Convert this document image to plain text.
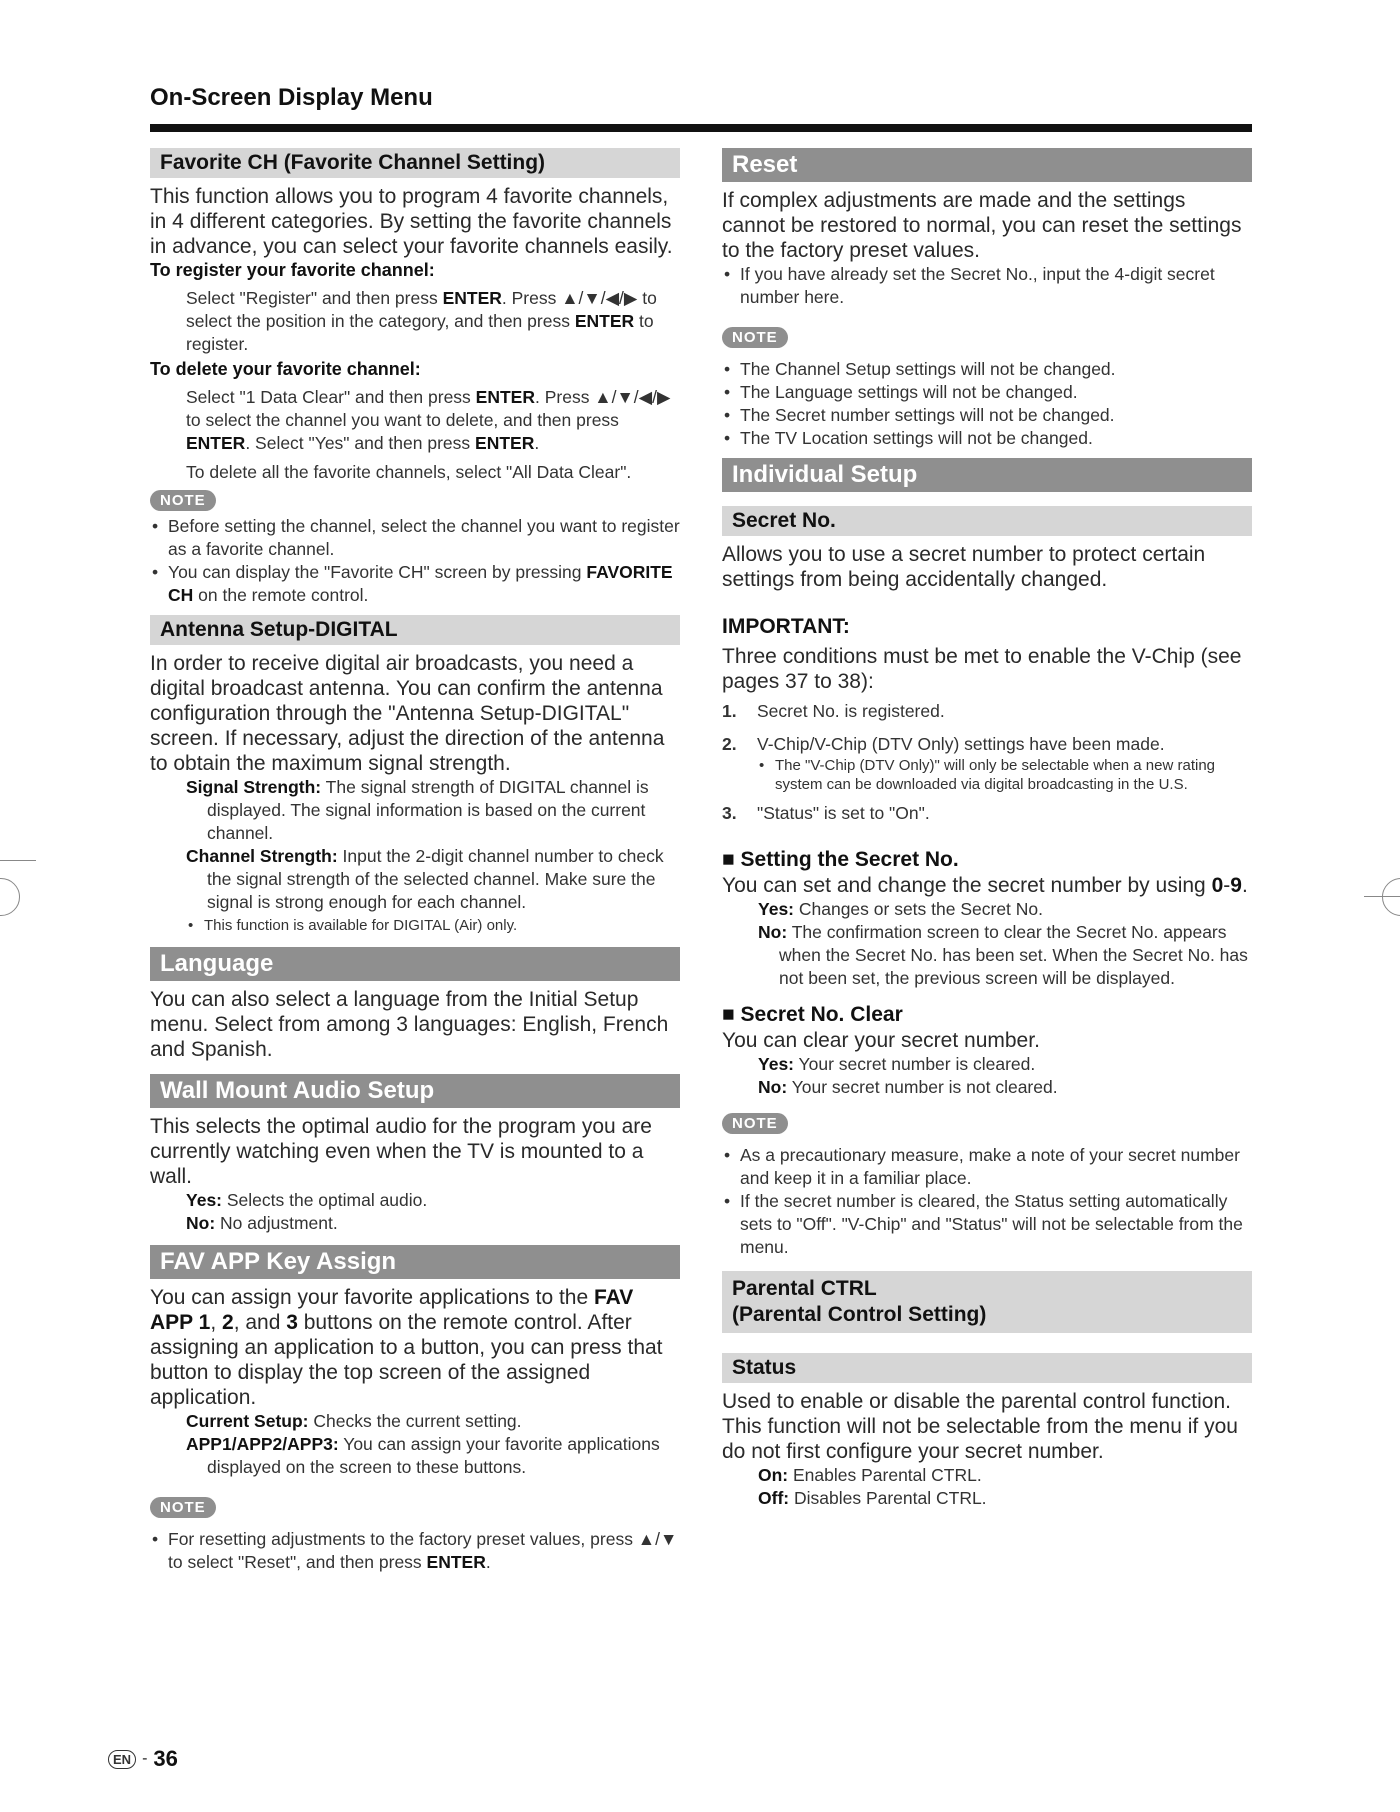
On-Screen Display Menu
Favorite CH (Favorite Channel Setting)

This function allows you to program 4 favorite channels, in 4 different categories. By setting the favorite channels in advance, you can select your favorite channels easily.

To register your favorite channel:

Select "Register" and then press ENTER. Press ▲/▼/◀/▶ to select the position in the category, and then press ENTER to register.

To delete your favorite channel:

Select "1 Data Clear" and then press ENTER. Press ▲/▼/◀/▶ to select the channel you want to delete, and then press ENTER. Select "Yes" and then press ENTER.

To delete all the favorite channels, select "All Data Clear".

NOTE
• Before setting the channel, select the channel you want to register as a favorite channel.
• You can display the "Favorite CH" screen by pressing FAVORITE CH on the remote control.
Antenna Setup-DIGITAL

In order to receive digital air broadcasts, you need a digital broadcast antenna. You can confirm the antenna configuration through the "Antenna Setup-DIGITAL" screen. If necessary, adjust the direction of the antenna to obtain the maximum signal strength.

Signal Strength: The signal strength of DIGITAL channel is displayed. The signal information is based on the current channel.

Channel Strength: Input the 2-digit channel number to check the signal strength of the selected channel. Make sure the signal is strong enough for each channel.

• This function is available for DIGITAL (Air) only.
Language

You can also select a language from the Initial Setup menu. Select from among 3 languages: English, French and Spanish.

Wall Mount Audio Setup

This selects the optimal audio for the program you are currently watching even when the TV is mounted to a wall.

Yes: Selects the optimal audio.

No: No adjustment.

FAV APP Key Assign

You can assign your favorite applications to the FAV APP 1, 2, and 3 buttons on the remote control. After assigning an application to a button, you can press that button to display the top screen of the assigned application.

Current Setup: Checks the current setting.

APP1/APP2/APP3: You can assign your favorite applications displayed on the screen to these buttons.

NOTE
• For resetting adjustments to the factory preset values, press ▲/▼ to select "Reset", and then press ENTER.
Reset

If complex adjustments are made and the settings cannot be restored to normal, you can reset the settings to the factory preset values.

• If you have already set the Secret No., input the 4-digit secret number here.
NOTE
• The Channel Setup settings will not be changed.
• The Language settings will not be changed.
• The Secret number settings will not be changed.
• The TV Location settings will not be changed.
Individual Setup
Secret No.

Allows you to use a secret number to protect certain settings from being accidentally changed.

IMPORTANT:

Three conditions must be met to enable the V-Chip (see pages 37 to 38):

1.	Secret No. is registered.
2.	V-Chip/V-Chip (DTV Only) settings have been made.
• The "V-Chip (DTV Only)" will only be selectable when a new rating system can be downloaded via digital broadcasting in the U.S.
3.	"Status" is set to "On".

■ Setting the Secret No.

You can set and change the secret number by using 0-9.

Yes: Changes or sets the Secret No.

No: The confirmation screen to clear the Secret No. appears when the Secret No. has been set. When the Secret No. has not been set, the previous screen will be displayed.

■ Secret No. Clear

You can clear your secret number.

Yes: Your secret number is cleared.

No: Your secret number is not cleared.

NOTE
• As a precautionary measure, make a note of your secret number and keep it in a familiar place.
• If the secret number is cleared, the Status setting automatically sets to "Off". "V-Chip" and "Status" will not be selectable from the menu.
Parental CTRL
(Parental Control Setting)
Status

Used to enable or disable the parental control function. This function will not be selectable from the menu if you do not first configure your secret number.

On: Enables Parental CTRL.

Off: Disables Parental CTRL.

EN - 36
